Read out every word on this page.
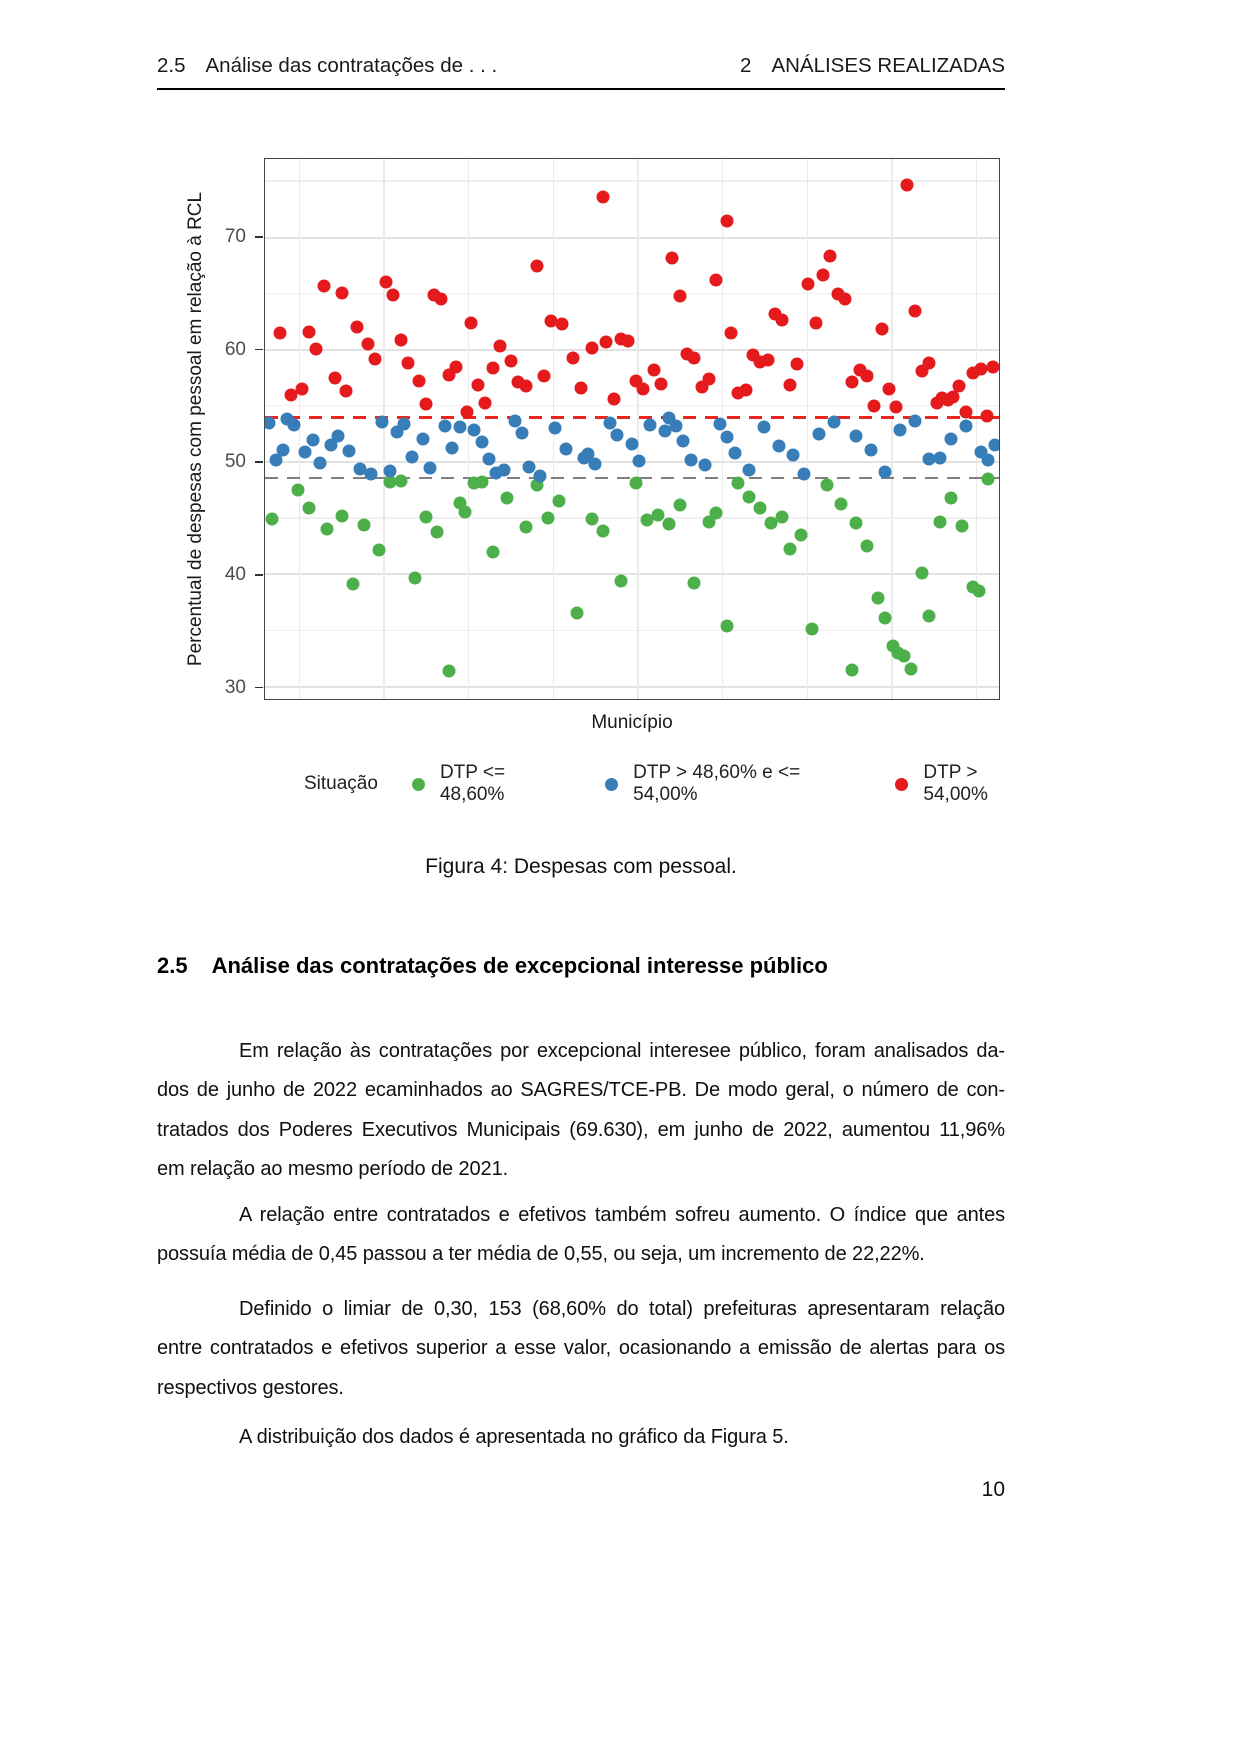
2.5 Análise das contratações de . . .	2 ANÁLISES REALIZADAS
Percentual de despesas com pessoal em relação à RCL
30
40
50
60
70
Município
Situação
DTP <= 48,60%
DTP > 48,60% e <= 54,00%
DTP > 54,00%
Figura 4: Despesas com pessoal.
2.5 Análise das contratações de excepcional interesse público
Em relação às contratações por excepcional interesee público, foram analisados da-
dos de junho de 2022 ecaminhados ao SAGRES/TCE-PB. De modo geral, o número de con-
tratados dos Poderes Executivos Municipais (69.630), em junho de 2022, aumentou 11,96%
em relação ao mesmo período de 2021.
A relação entre contratados e efetivos também sofreu aumento. O índice que antes
possuía média de 0,45 passou a ter média de 0,55, ou seja, um incremento de 22,22%.
Definido o limiar de 0,30, 153 (68,60% do total) prefeituras apresentaram relação
entre contratados e efetivos superior a esse valor, ocasionando a emissão de alertas para os
respectivos gestores.
A distribuição dos dados é apresentada no gráfico da Figura 5.
10
